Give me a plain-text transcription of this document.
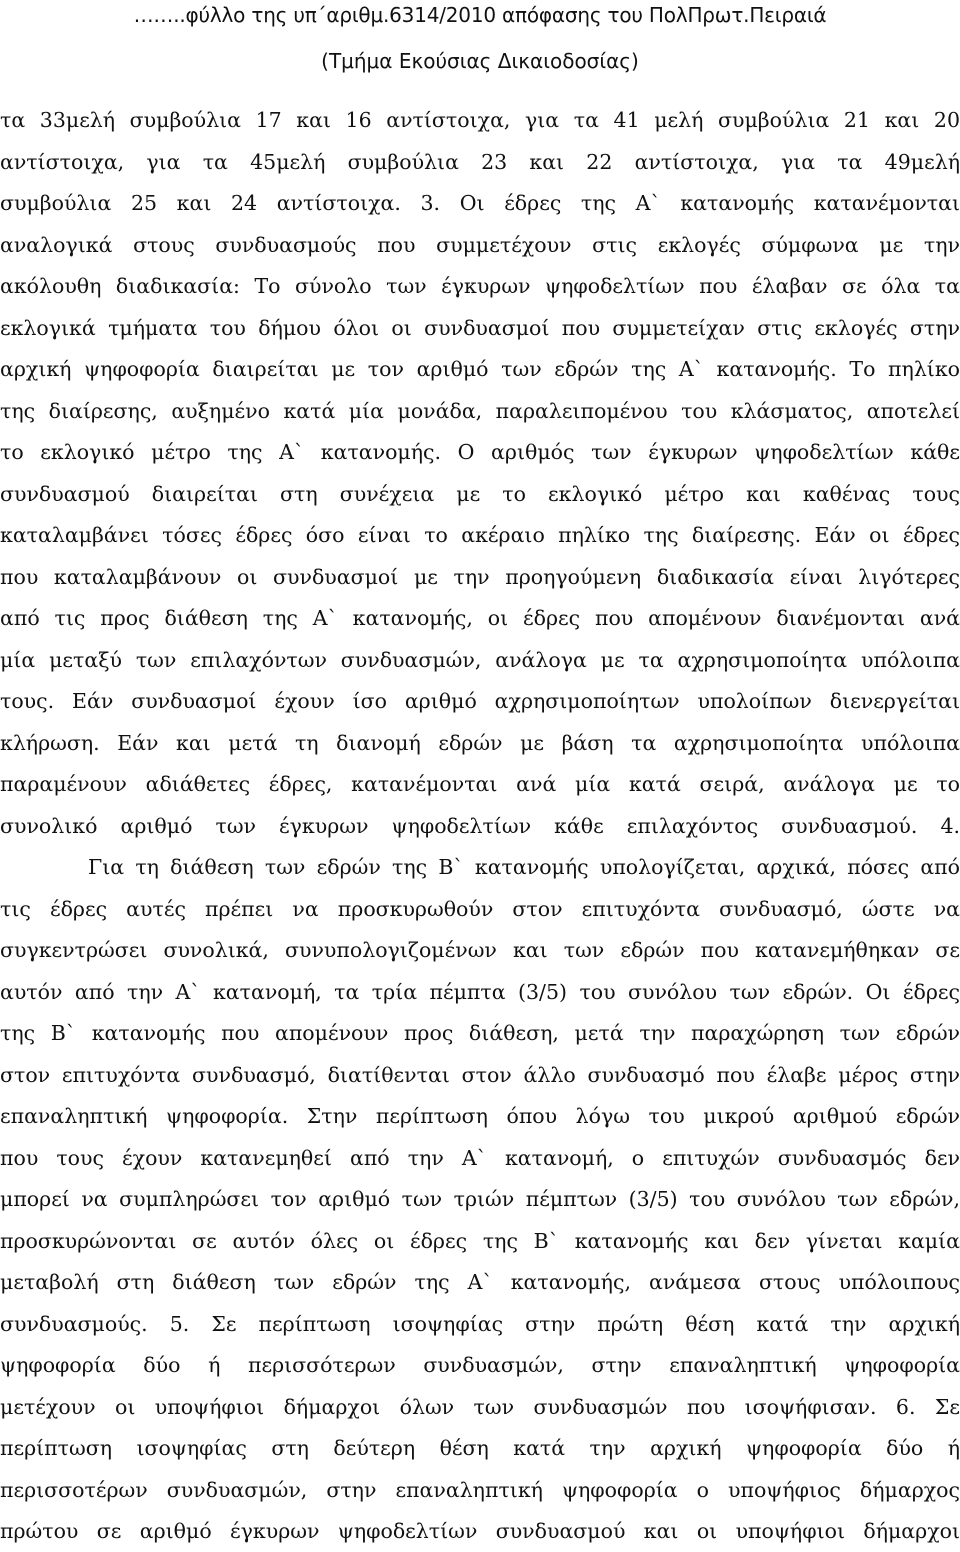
……..φύλλο της υπ΄αριθμ.6314/2010 απόφασης του ΠολΠρωτ.Πειραιά
(Τμήμα Εκούσιας Δικαιοδοσίας)
τα 33μελή συμβούλια 17 και 16 αντίστοιχα, για τα 41 μελή συμβούλια 21 και 20
αντίστοιχα, για τα 45μελή συμβούλια 23 και 22 αντίστοιχα, για τα 49μελή
συμβούλια 25 και 24 αντίστοιχα. 3. Οι έδρες της Α` κατανομής κατανέμονται
αναλογικά στους συνδυασμούς που συμμετέχουν στις εκλογές σύμφωνα με την
ακόλουθη διαδικασία: Το σύνολο των έγκυρων ψηφοδελτίων που έλαβαν σε όλα τα
εκλογικά τμήματα του δήμου όλοι οι συνδυασμοί που συμμετείχαν στις εκλογές στην
αρχική ψηφοφορία διαιρείται με τον αριθμό των εδρών της Α` κατανομής. Το πηλίκο
της διαίρεσης, αυξημένο κατά μία μονάδα, παραλειπομένου του κλάσματος, αποτελεί
το εκλογικό μέτρο της Α` κατανομής. Ο αριθμός των έγκυρων ψηφοδελτίων κάθε
συνδυασμού διαιρείται στη συνέχεια με το εκλογικό μέτρο και καθένας τους
καταλαμβάνει τόσες έδρες όσο είναι το ακέραιο πηλίκο της διαίρεσης. Εάν οι έδρες
που καταλαμβάνουν οι συνδυασμοί με την προηγούμενη διαδικασία είναι λιγότερες
από τις προς διάθεση της Α` κατανομής, οι έδρες που απομένουν διανέμονται ανά
μία μεταξύ των επιλαχόντων συνδυασμών, ανάλογα με τα αχρησιμοποίητα υπόλοιπα
τους. Εάν συνδυασμοί έχουν ίσο αριθμό αχρησιμοποίητων υπολοίπων διενεργείται
κλήρωση. Εάν και μετά τη διανομή εδρών με βάση τα αχρησιμοποίητα υπόλοιπα
παραμένουν αδιάθετες έδρες, κατανέμονται ανά μία κατά σειρά, ανάλογα με το
συνολικό αριθμό των έγκυρων ψηφοδελτίων κάθε επιλαχόντος συνδυασμού. 4.
Για τη διάθεση των εδρών της Β` κατανομής υπολογίζεται, αρχικά, πόσες από
τις έδρες αυτές πρέπει να προσκυρωθούν στον επιτυχόντα συνδυασμό, ώστε να
συγκεντρώσει συνολικά, συνυπολογιζομένων και των εδρών που κατανεμήθηκαν σε
αυτόν από την Α` κατανομή, τα τρία πέμπτα (3/5) του συνόλου των εδρών. Οι έδρες
της Β` κατανομής που απομένουν προς διάθεση, μετά την παραχώρηση των εδρών
στον επιτυχόντα συνδυασμό, διατίθενται στον άλλο συνδυασμό που έλαβε μέρος στην
επαναληπτική ψηφοφορία. Στην περίπτωση όπου λόγω του μικρού αριθμού εδρών
που τους έχουν κατανεμηθεί από την Α` κατανομή, ο επιτυχών συνδυασμός δεν
μπορεί να συμπληρώσει τον αριθμό των τριών πέμπτων (3/5) του συνόλου των εδρών,
προσκυρώνονται σε αυτόν όλες οι έδρες της Β` κατανομής και δεν γίνεται καμία
μεταβολή στη διάθεση των εδρών της Α` κατανομής, ανάμεσα στους υπόλοιπους
συνδυασμούς. 5. Σε περίπτωση ισοψηφίας στην πρώτη θέση κατά την αρχική
ψηφοφορία δύο ή περισσότερων συνδυασμών, στην επαναληπτική ψηφοφορία
μετέχουν οι υποψήφιοι δήμαρχοι όλων των συνδυασμών που ισοψήφισαν. 6. Σε
περίπτωση ισοψηφίας στη δεύτερη θέση κατά την αρχική ψηφοφορία δύο ή
περισσοτέρων συνδυασμών, στην επαναληπτική ψηφοφορία ο υποψήφιος δήμαρχος
πρώτου σε αριθμό έγκυρων ψηφοδελτίων συνδυασμού και οι υποψήφιοι δήμαρχοι
